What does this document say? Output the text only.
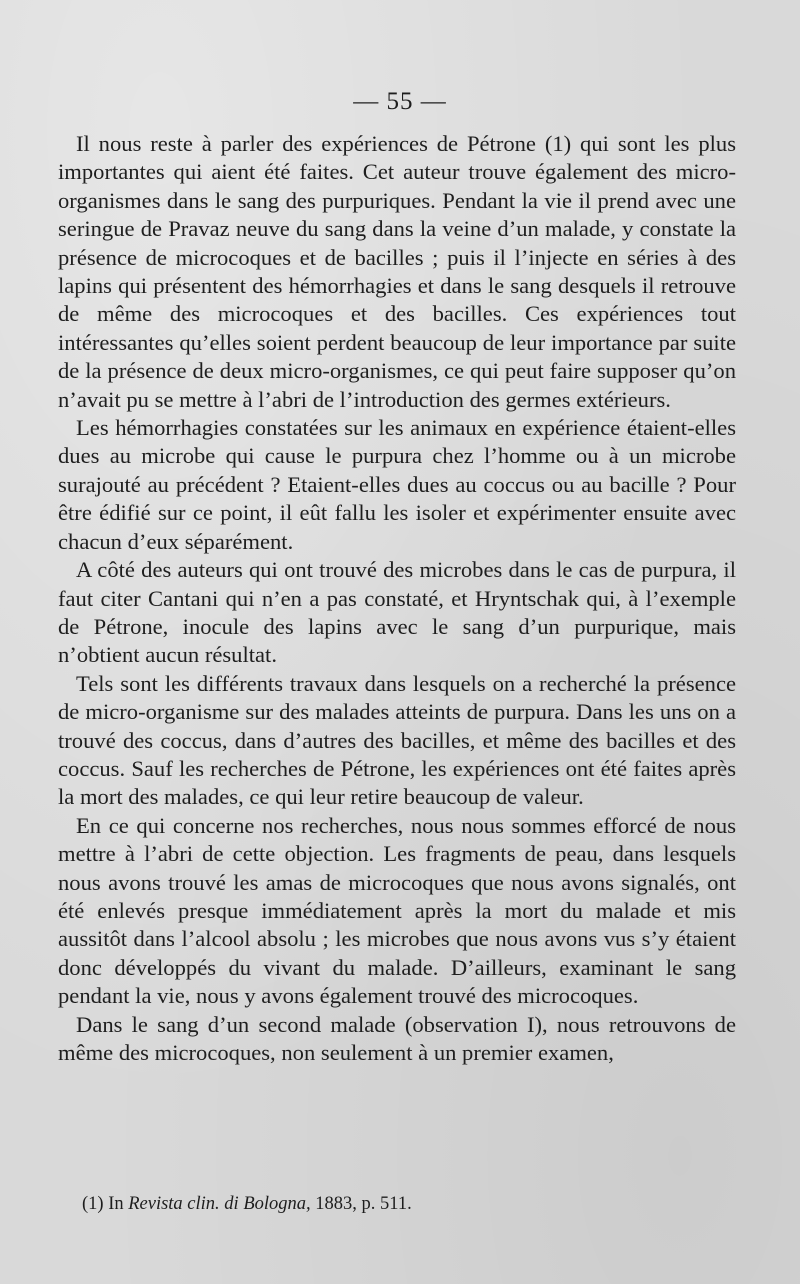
— 55 —

Il nous reste à parler des expériences de Pétrone (1) qui sont les plus importantes qui aient été faites. Cet auteur trouve également des micro-organismes dans le sang des purpuriques. Pendant la vie il prend avec une seringue de Pravaz neuve du sang dans la veine d’un malade, y constate la présence de microcoques et de bacilles ; puis il l’injecte en séries à des lapins qui présentent des hémorrhagies et dans le sang desquels il retrouve de même des microcoques et des bacilles. Ces expériences tout intéressantes qu’elles soient perdent beaucoup de leur importance par suite de la présence de deux micro-organismes, ce qui peut faire supposer qu’on n’avait pu se mettre à l’abri de l’introduction des germes extérieurs.

Les hémorrhagies constatées sur les animaux en expérience étaient-elles dues au microbe qui cause le purpura chez l’homme ou à un microbe surajouté au précédent ? Etaient-elles dues au coccus ou au bacille ? Pour être édifié sur ce point, il eût fallu les isoler et expérimenter ensuite avec chacun d’eux séparément.

A côté des auteurs qui ont trouvé des microbes dans le cas de purpura, il faut citer Cantani qui n’en a pas constaté, et Hryntschak qui, à l’exemple de Pétrone, inocule des lapins avec le sang d’un purpurique, mais n’obtient aucun résultat.

Tels sont les différents travaux dans lesquels on a recherché la présence de micro-organisme sur des malades atteints de purpura. Dans les uns on a trouvé des coccus, dans d’autres des bacilles, et même des bacilles et des coccus. Sauf les recherches de Pétrone, les expériences ont été faites après la mort des malades, ce qui leur retire beaucoup de valeur.

En ce qui concerne nos recherches, nous nous sommes efforcé de nous mettre à l’abri de cette objection. Les fragments de peau, dans lesquels nous avons trouvé les amas de microcoques que nous avons signalés, ont été enlevés presque immédiatement après la mort du malade et mis aussitôt dans l’alcool absolu ; les microbes que nous avons vus s’y étaient donc développés du vivant du malade. D’ailleurs, examinant le sang pendant la vie, nous y avons également trouvé des microcoques.

Dans le sang d’un second malade (observation I), nous retrouvons de même des microcoques, non seulement à un premier examen,

(1) In Revista clin. di Bologna, 1883, p. 511.
